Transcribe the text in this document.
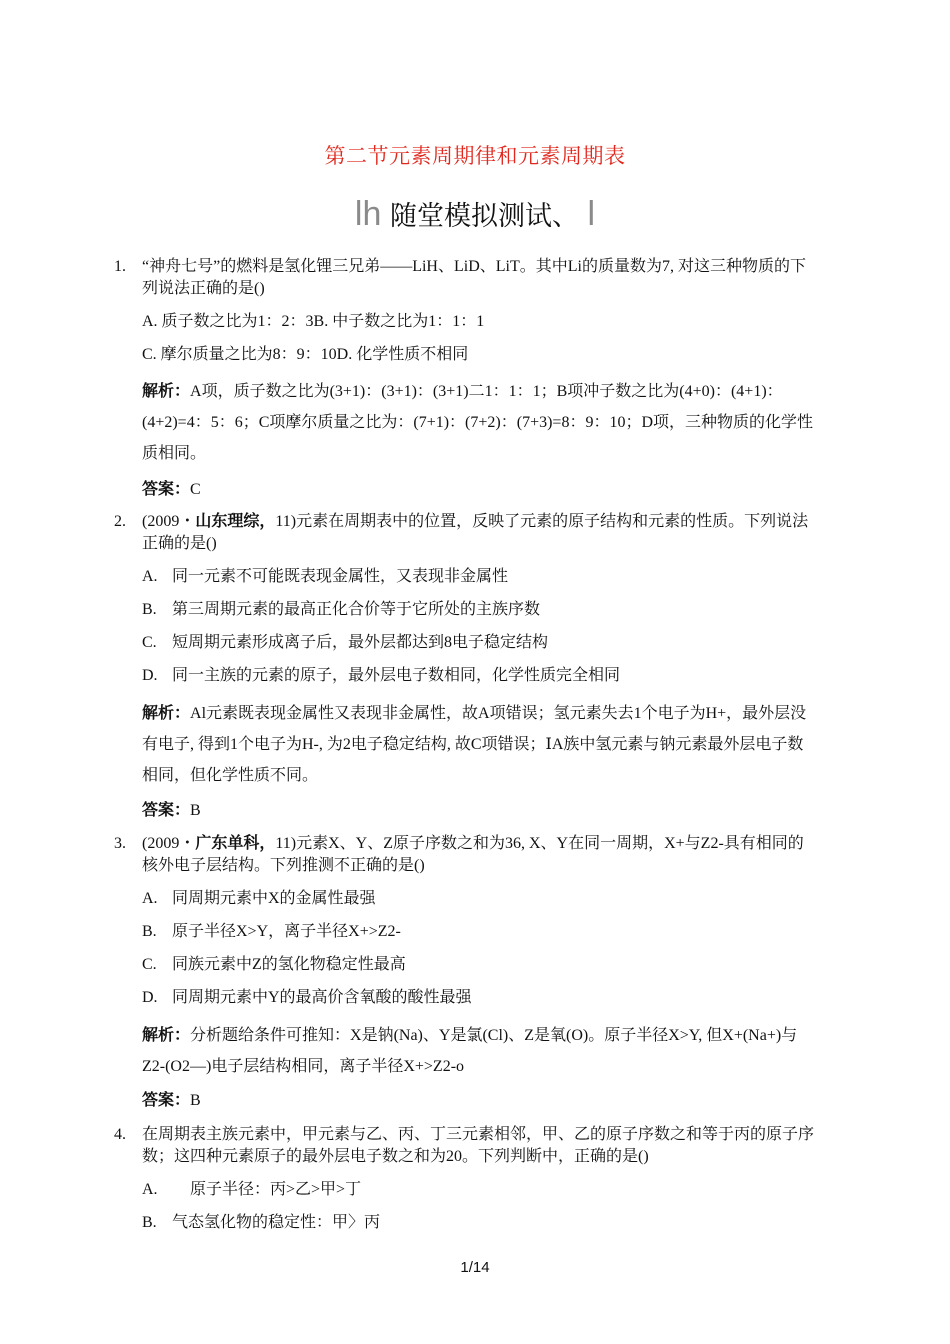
第二节元素周期律和元素周期表
lh 随堂模拟测试、 l
1. “神舟七号”的燃料是氢化锂三兄弟——LiH、LiD、LiT。其中Li的质量数为7, 对这三种物质的下列说法正确的是()
A. 质子数之比为1：2：3B. 中子数之比为1：1：1
C. 摩尔质量之比为8：9：10D. 化学性质不相同
解析：A项，质子数之比为(3+1)：(3+1)：(3+1)二1：1：1；B项冲子数之比为(4+0)：(4+1)：(4+2)=4：5：6；C项摩尔质量之比为：(7+1)：(7+2)：(7+3)=8：9：10；D项，三种物质的化学性质相同。
答案：C
2. (2009・山东理综，11)元素在周期表中的位置，反映了元素的原子结构和元素的性质。下列说法正确的是()
A. 同一元素不可能既表现金属性，又表现非金属性
B. 第三周期元素的最高正化合价等于它所处的主族序数
C. 短周期元素形成离子后，最外层都达到8电子稳定结构
D. 同一主族的元素的原子，最外层电子数相同，化学性质完全相同
解析：Al元素既表现金属性又表现非金属性，故A项错误；氢元素失去1个电子为H+，最外层没有电子, 得到1个电子为H-, 为2电子稳定结构, 故C项错误；ⅠA族中氢元素与钠元素最外层电子数相同，但化学性质不同。
答案：B
3. (2009・广东单科，11)元素X、Y、Z原子序数之和为36, X、Y在同一周期，X+与Z2-具有相同的核外电子层结构。下列推测不正确的是()
A. 同周期元素中X的金属性最强
B. 原子半径X>Y，离子半径X+>Z2-
C. 同族元素中Z的氢化物稳定性最高
D. 同周期元素中Y的最高价含氧酸的酸性最强
解析：分析题给条件可推知：X是钠(Na)、Y是氯(Cl)、Z是氧(O)。原子半径X>Y, 但X+(Na+)与Z2-(O2—)电子层结构相同，离子半径X+>Z2-o
答案：B
4. 在周期表主族元素中，甲元素与乙、丙、丁三元素相邻，甲、乙的原子序数之和等于丙的原子序数；这四种元素原子的最外层电子数之和为20。下列判断中，正确的是()
A. 原子半径：丙>乙>甲>丁
B. 气态氢化物的稳定性：甲〉丙
1/14
